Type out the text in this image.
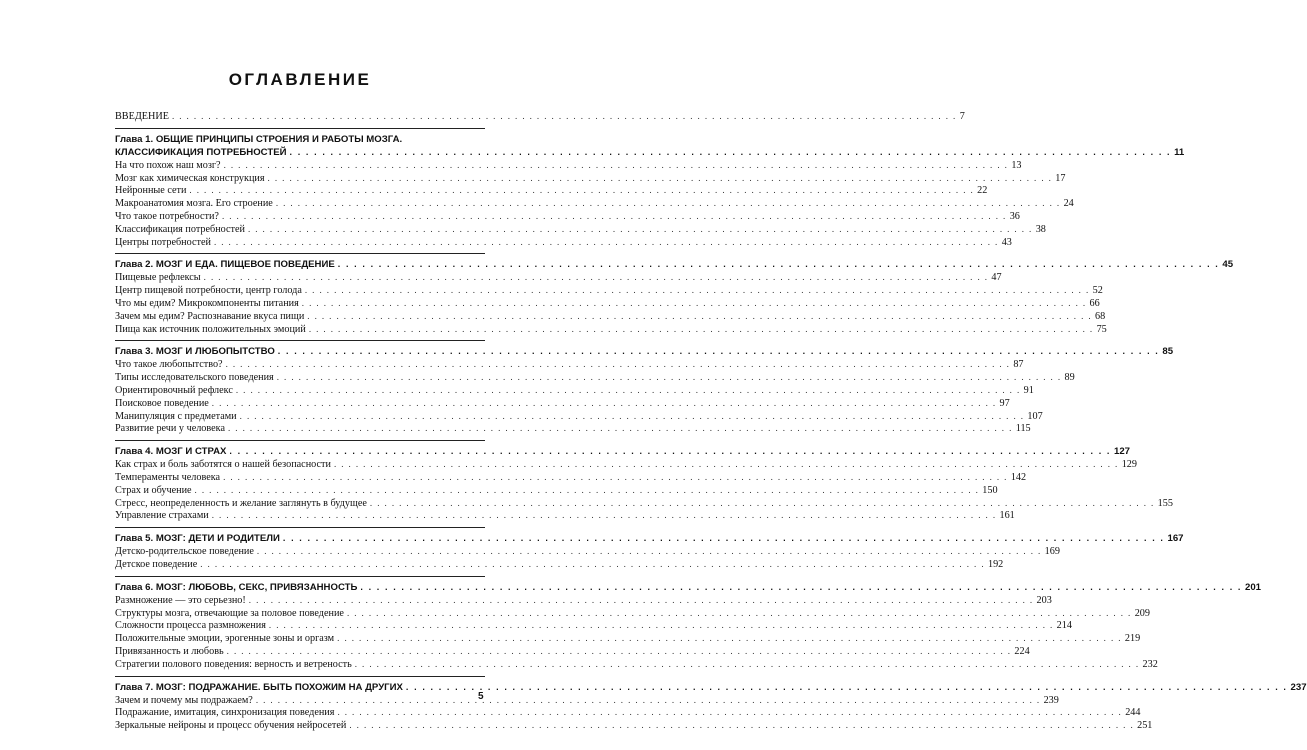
ОГЛАВЛЕНИЕ
ВВЕДЕНИЕ . . .	7
Глава 1. ОБЩИЕ ПРИНЦИПЫ СТРОЕНИЯ И РАБОТЫ МОЗГА.
КЛАССИФИКАЦИЯ ПОТРЕБНОСТЕЙ . . .	11
На что похож наш мозг? . . .	13
Мозг как химическая конструкция . . .	17
Нейронные сети . . .	22
Макроанатомия мозга. Его строение . . .	24
Что такое потребности? . . .	36
Классификация потребностей . . .	38
Центры потребностей . . .	43
Глава 2. МОЗГ И ЕДА. ПИЩЕВОЕ ПОВЕДЕНИЕ . . .	45
Пищевые рефлексы . . .	47
Центр пищевой потребности, центр голода . . .	52
Что мы едим? Микрокомпоненты питания . . .	66
Зачем мы едим? Распознавание вкуса пищи . . .	68
Пища как источник положительных эмоций . . .	75
Глава 3. МОЗГ И ЛЮБОПЫТСТВО . . .	85
Что такое любопытство? . . .	87
Типы исследовательского поведения . . .	89
Ориентировочный рефлекс . . .	91
Поисковое поведение . . .	97
Манипуляция с предметами . . .	107
Развитие речи у человека . . .	115
Глава 4. МОЗГ И СТРАХ . . .	127
Как страх и боль заботятся о нашей безопасности . . .	129
Темпераменты человека . . .	142
Страх и обучение . . .	150
Стресс, неопределенность и желание заглянуть в будущее . . .	155
Управление страхами . . .	161
Глава 5. МОЗГ: ДЕТИ И РОДИТЕЛИ . . .	167
Детско-родительское поведение . . .	169
Детское поведение . . .	192
Глава 6. МОЗГ: ЛЮБОВЬ, СЕКС, ПРИВЯЗАННОСТЬ . . .	201
Размножение — это серьезно! . . .	203
Структуры мозга, отвечающие за половое поведение . . .	209
Сложности процесса размножения . . .	214
Положительные эмоции, эрогенные зоны и оргазм . . .	219
Привязанность и любовь . . .	224
Стратегии полового поведения: верность и ветреность . . .	232
Глава 7. МОЗГ: ПОДРАЖАНИЕ. БЫТЬ ПОХОЖИМ НА ДРУГИХ . . .	237
Зачем и почему мы подражаем? . . .	239
Подражание, имитация, синхронизация поведения . . .	244
Зеркальные нейроны и процесс обучения нейросетей . . .	251
5
